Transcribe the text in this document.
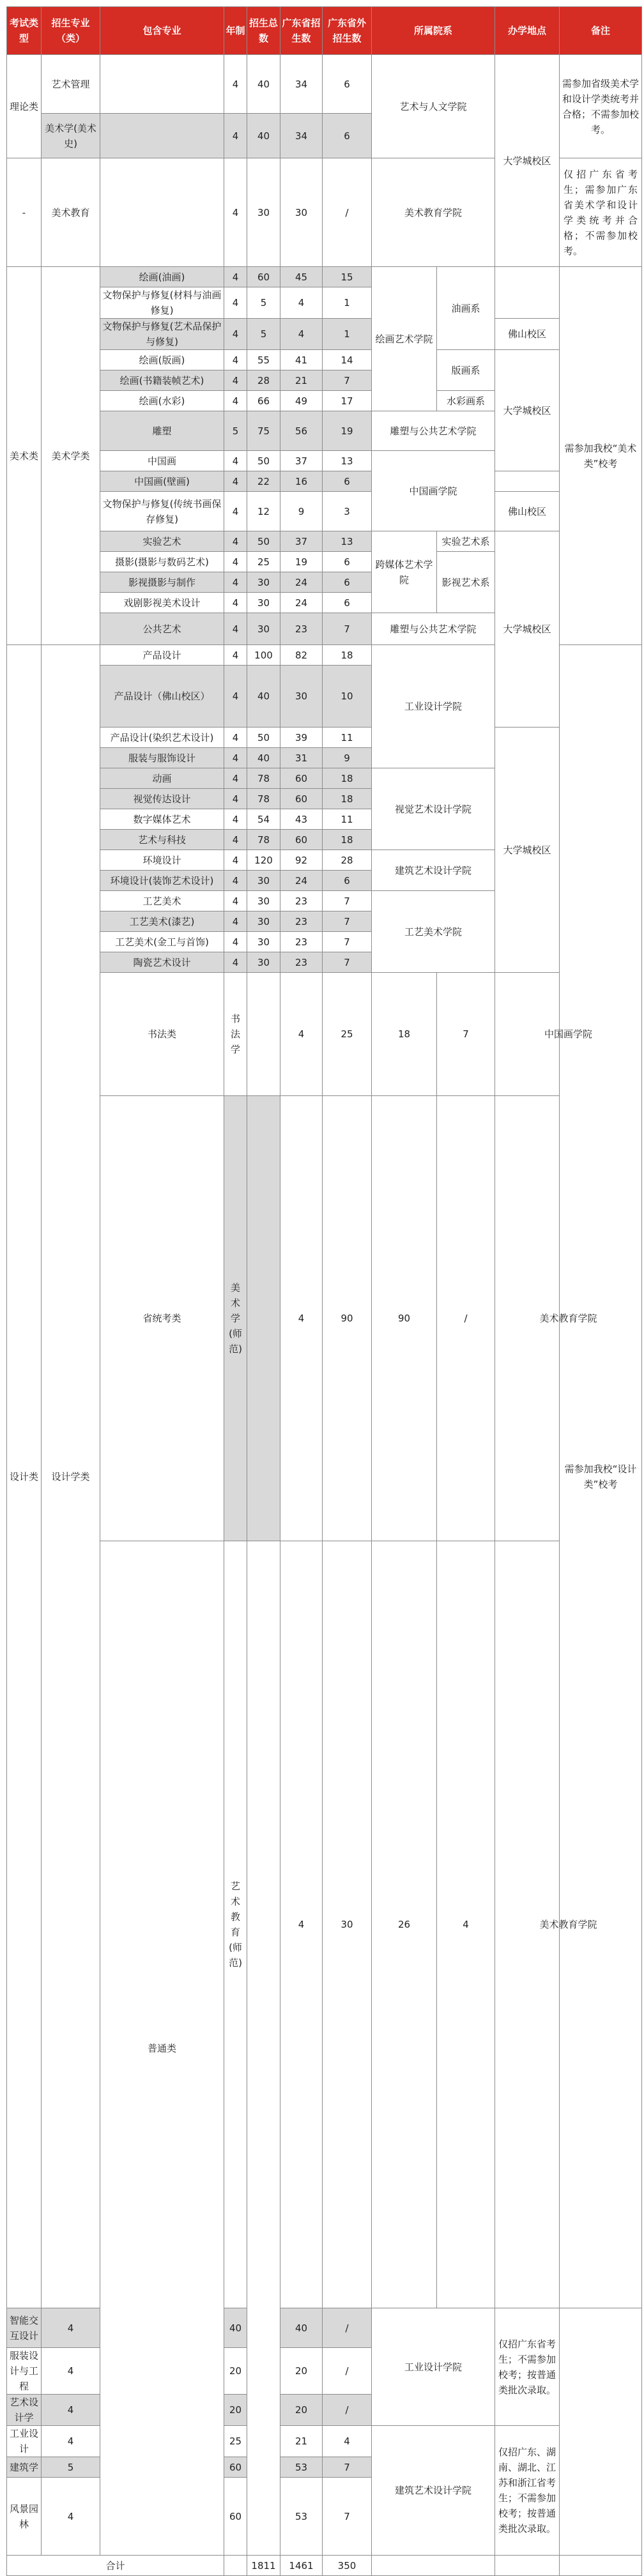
考试类型	招生专业（类）	包含专业	年制	招生总数	广东省招生数	广东省外招生数	所属院系		办学地点	备注	
理论类	艺术管理		4	40	34	6	艺术与人文学院		大学城校区	需参加省级美术学和设计学类统考并合格；不需参加校考。	
	美术学(美术史)		4	40	34	6					
-	美术教育		4	30	30	/	美术教育学院			仅招广东省考生；需参加广东省美术学和设计学类统考并合格；不需参加校考。	
美术类	美术学类	绘画(油画)	4	60	45	15	绘画艺术学院	油画系		需参加我校“美术类”校考	
		文物保护与修复(材料与油画修复)	4	5	4	1					
		文物保护与修复(艺术品保护与修复)	4	5	4	1			佛山校区		
		绘画(版画)	4	55	41	14		版画系	大学城校区		
		绘画(书籍装帧艺术)	4	28	21	7					
		绘画(水彩)	4	66	49	17		水彩画系			
		雕塑	5	75	56	19	雕塑与公共艺术学院				
		中国画	4	50	37	13	中国画学院				
		中国画(壁画)	4	22	16	6					
		文物保护与修复(传统书画保存修复)	4	12	9	3			佛山校区		
		实验艺术	4	50	37	13	跨媒体艺术学院	实验艺术系	大学城校区		
		摄影(摄影与数码艺术)	4	25	19	6		影视艺术系			
		影视摄影与制作	4	30	24	6					
		戏剧影视美术设计	4	30	24	6					
		公共艺术	4	30	23	7	雕塑与公共艺术学院				
设计类	设计学类	产品设计	4	100	82	18	工业设计学院			需参加我校“设计类”校考	
		产品设计（佛山校区）	4	40	30	10	
		产品设计(染织艺术设计)	4	50	39	11			大学城校区		
		服装与服饰设计	4	40	31	9					
		动画	4	78	60	18	视觉艺术设计学院				
		视觉传达设计	4	78	60	18					
		数字媒体艺术	4	54	43	11					
		艺术与科技	4	78	60	18					
		环境设计	4	120	92	28	建筑艺术设计学院				
		环境设计(装饰艺术设计)	4	30	24	6					
		工艺美术	4	30	23	7	工艺美术学院				
		工艺美术(漆艺)	4	30	23	7					
		工艺美术(金工与首饰)	4	30	23	7					
		陶瓷艺术设计	4	30	23	7					
		书法类	书法学		4	25	18	7	中国画学院		
		省统考类	美术学(师范)		4	90	90	/	美术教育学院	
		普通类	艺术教育(师范)		4	30	26	4	美术教育学院	
智能交互设计	4		40		40	/	工业设计学院		仅招广东省考生；不需参加校考；按普通类批次录取。		
服装设计与工程	4		20		20	/					
艺术设计学	4		20		20	/					
工业设计	4		25		21	4	建筑艺术设计学院		仅招广东、湖南、湖北、江苏和浙江省考生；不需参加校考；按普通类批次录取。		
建筑学	5		60		53	7					
风景园林	4		60		53	7					
合计				1811	1461	350					
